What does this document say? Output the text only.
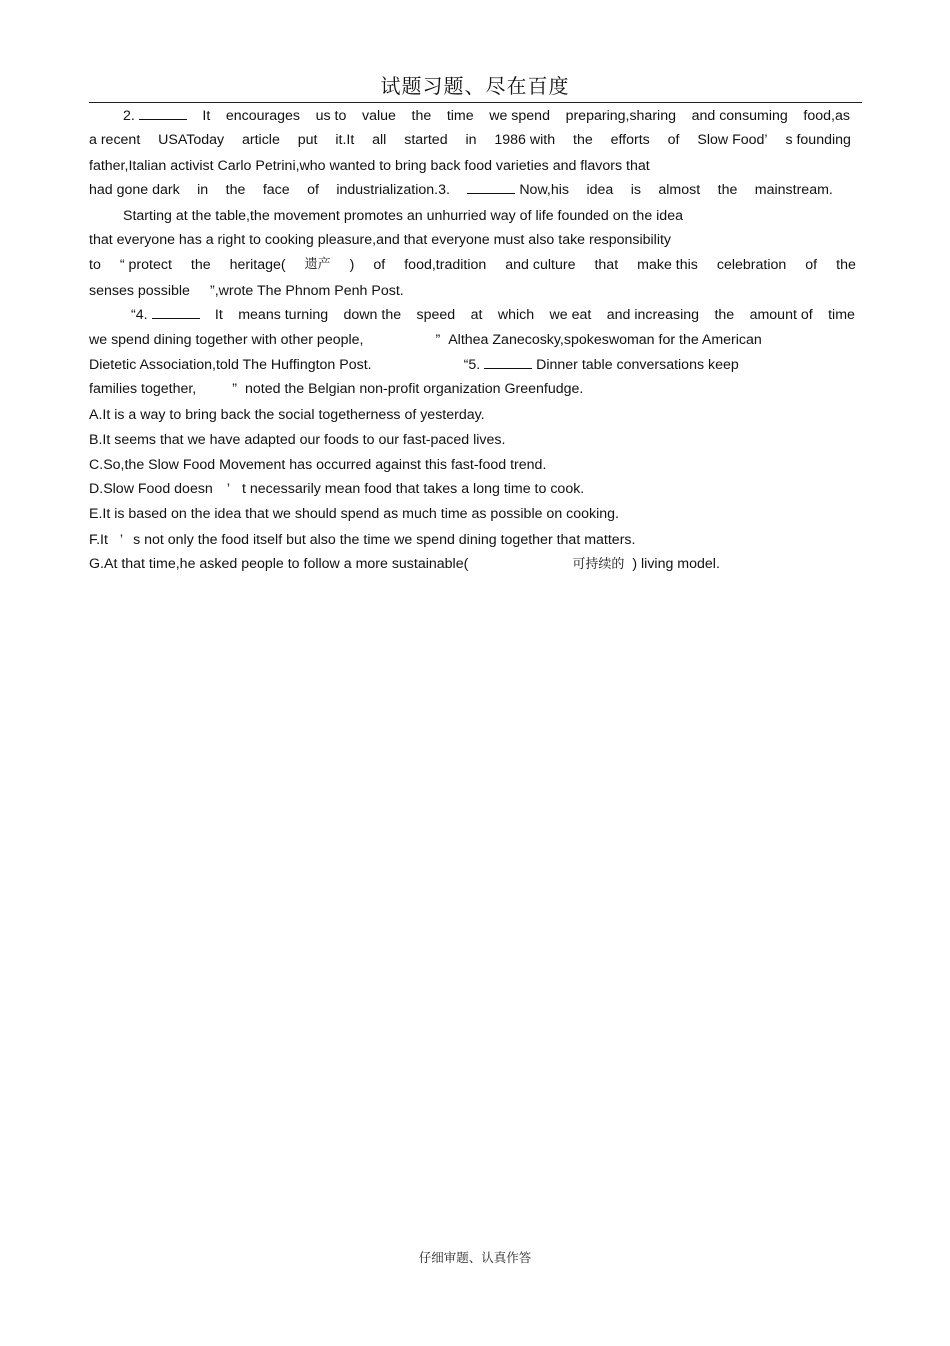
试题习题、尽在百度
2.	It encourages us to value the time we spend preparing,sharing and consuming food,as
a recent USAToday article put it.It all started in 1986 with the efforts of Slow Food’ s founding
father,Italian activist Carlo Petrini,who wanted to bring back food varieties and flavors that
had gone dark in the face of industrialization.3.	Now,his idea is almost the mainstream.
Starting at the table,the movement promotes an unhurried way of life founded on the idea
that everyone has a right to cooking pleasure,and that everyone must also take responsibility
to “ protect the heritage( 遗产 ) of food,tradition and culture that make this celebration of the
senses possible ”,wrote The Phnom Penh Post.
“4.	It means turning down the speed at which we eat and increasing the amount of time
we spend dining together with other people,	” Althea Zanecosky,spokeswoman for the American
Dietetic Association,told The Huffington Post.	“5.	Dinner table conversations keep
families together,	” noted the Belgian non-profit organization Greenfudge.
A.It is a way to bring back the social togetherness of yesterday.
B.It seems that we have adapted our foods to our fast-paced lives.
C.So,the Slow Food Movement has occurred against this fast-food trend.
D.Slow Food doesn ’ t necessarily mean food that takes a long time to cook.
E.It is based on the idea that we should spend as much time as possible on cooking.
F.It ’ s not only the food itself but also the time we spend dining together that matters.
G.At that time,he asked people to follow a more sustainable(	可持续的 ) living model.
仔细审题、认真作答
